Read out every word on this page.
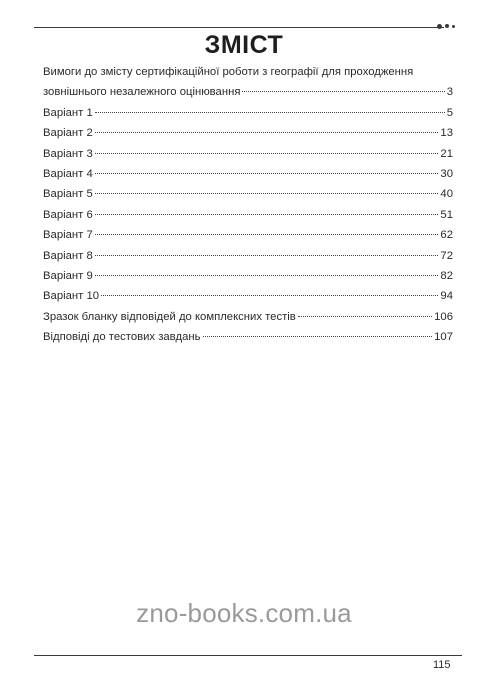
ЗМІСТ
Вимоги до змісту сертифікаційної роботи з географії для проходження
зовнішнього незалежного оцінювання	3
Варіант 1	5
Варіант 2	13
Варіант 3	21
Варіант 4	30
Варіант 5	40
Варіант 6	51
Варіант 7	62
Варіант 8	72
Варіант 9	82
Варіант 10	94
Зразок бланку відповідей до комплексних тестів	106
Відповіді до тестових завдань	107
zno-books.com.ua
115
